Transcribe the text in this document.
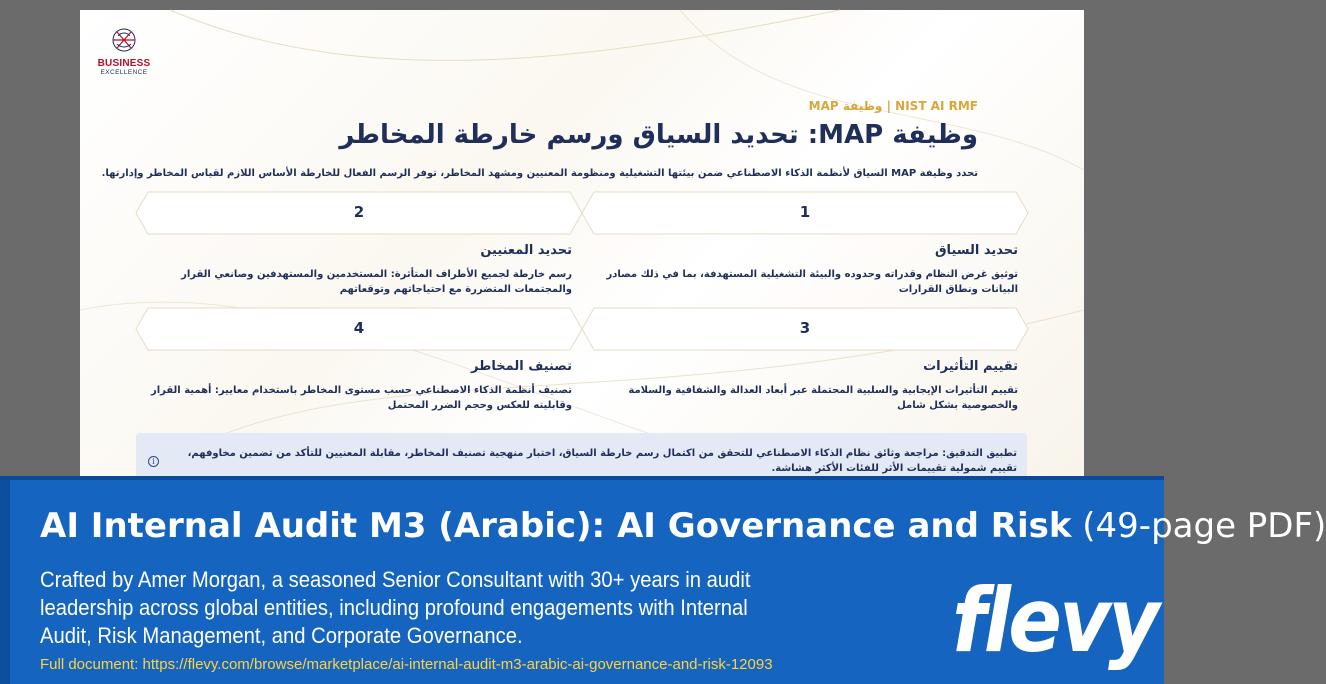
BUSINESS
EXCELLENCE
NIST AI RMF | وظيفة MAP
وظيفة MAP: تحديد السياق ورسم خارطة المخاطر
تحدد وظيفة MAP السياق لأنظمة الذكاء الاصطناعي ضمن بيئتها التشغيلية ومنظومة المعنيين ومشهد المخاطر، توفر الرسم الفعال للخارطة الأساس اللازم لقياس المخاطر وإدارتها.
1
تحديد السياق
توثيق غرض النظام وقدراته وحدوده والبيئة التشغيلية المستهدفة، بما في ذلك مصادر البيانات ونطاق القرارات
2
تحديد المعنيين
رسم خارطة لجميع الأطراف المتأثرة: المستخدمين والمستهدفين وصانعي القرار والمجتمعات المتضررة مع احتياجاتهم وتوقعاتهم
3
تقييم التأثيرات
تقييم التأثيرات الإيجابية والسلبية المحتملة عبر أبعاد العدالة والشفافية والسلامة والخصوصية بشكل شامل
4
تصنيف المخاطر
تصنيف أنظمة الذكاء الاصطناعي حسب مستوى المخاطر باستخدام معايير: أهمية القرار وقابليته للعكس وحجم الضرر المحتمل
i
تطبيق التدقيق: مراجعة وثائق نظام الذكاء الاصطناعي للتحقق من اكتمال رسم خارطة السياق، اختبار منهجية تصنيف المخاطر، مقابلة المعنيين للتأكد من تضمين مخاوفهم، تقييم شمولية تقييمات الأثر للفئات الأكثر هشاشة.
AI Internal Audit M3 (Arabic): AI Governance and Risk (49-page PDF)
Crafted by Amer Morgan, a seasoned Senior Consultant with 30+ years in audit leadership across global entities, including profound engagements with Internal Audit, Risk Management, and Corporate Governance.
Full document: https://flevy.com/browse/marketplace/ai-internal-audit-m3-arabic-ai-governance-and-risk-12093 flevy
